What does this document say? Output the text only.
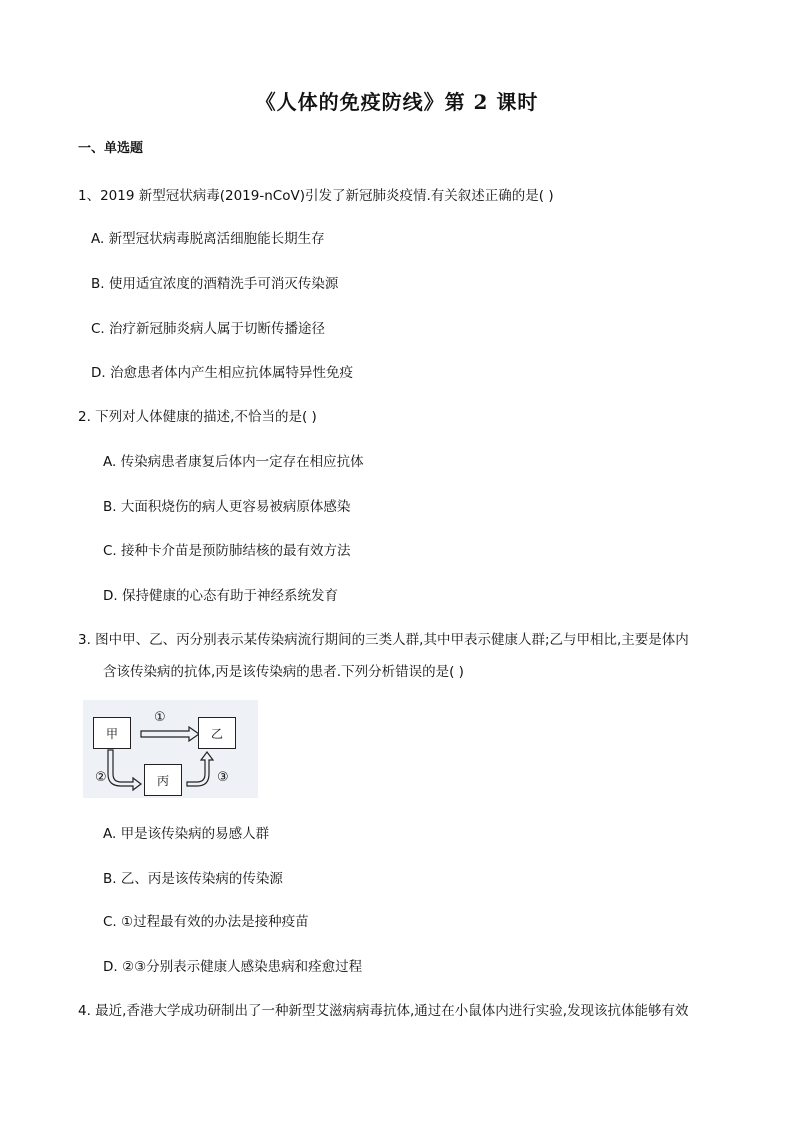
《人体的免疫防线》第 2 课时
一、单选题
1、2019 新型冠状病毒(2019-nCoV)引发了新冠肺炎疫情.有关叙述正确的是( )
A. 新型冠状病毒脱离活细胞能长期生存
B. 使用适宜浓度的酒精洗手可消灭传染源
C. 治疗新冠肺炎病人属于切断传播途径
D. 治愈患者体内产生相应抗体属特异性免疫
2. 下列对人体健康的描述,不恰当的是( )
A. 传染病患者康复后体内一定存在相应抗体
B. 大面积烧伤的病人更容易被病原体感染
C. 接种卡介苗是预防肺结核的最有效方法
D. 保持健康的心态有助于神经系统发育
3. 图中甲、乙、丙分别表示某传染病流行期间的三类人群,其中甲表示健康人群;乙与甲相比,主要是体内
含该传染病的抗体,丙是该传染病的患者.下列分析错误的是( )
甲	乙
丙
①
②	③
A. 甲是该传染病的易感人群
B. 乙、丙是该传染病的传染源
C. ①过程最有效的办法是接种疫苗
D. ②③分别表示健康人感染患病和痊愈过程
4. 最近,香港大学成功研制出了一种新型艾滋病病毒抗体,通过在小鼠体内进行实验,发现该抗体能够有效
